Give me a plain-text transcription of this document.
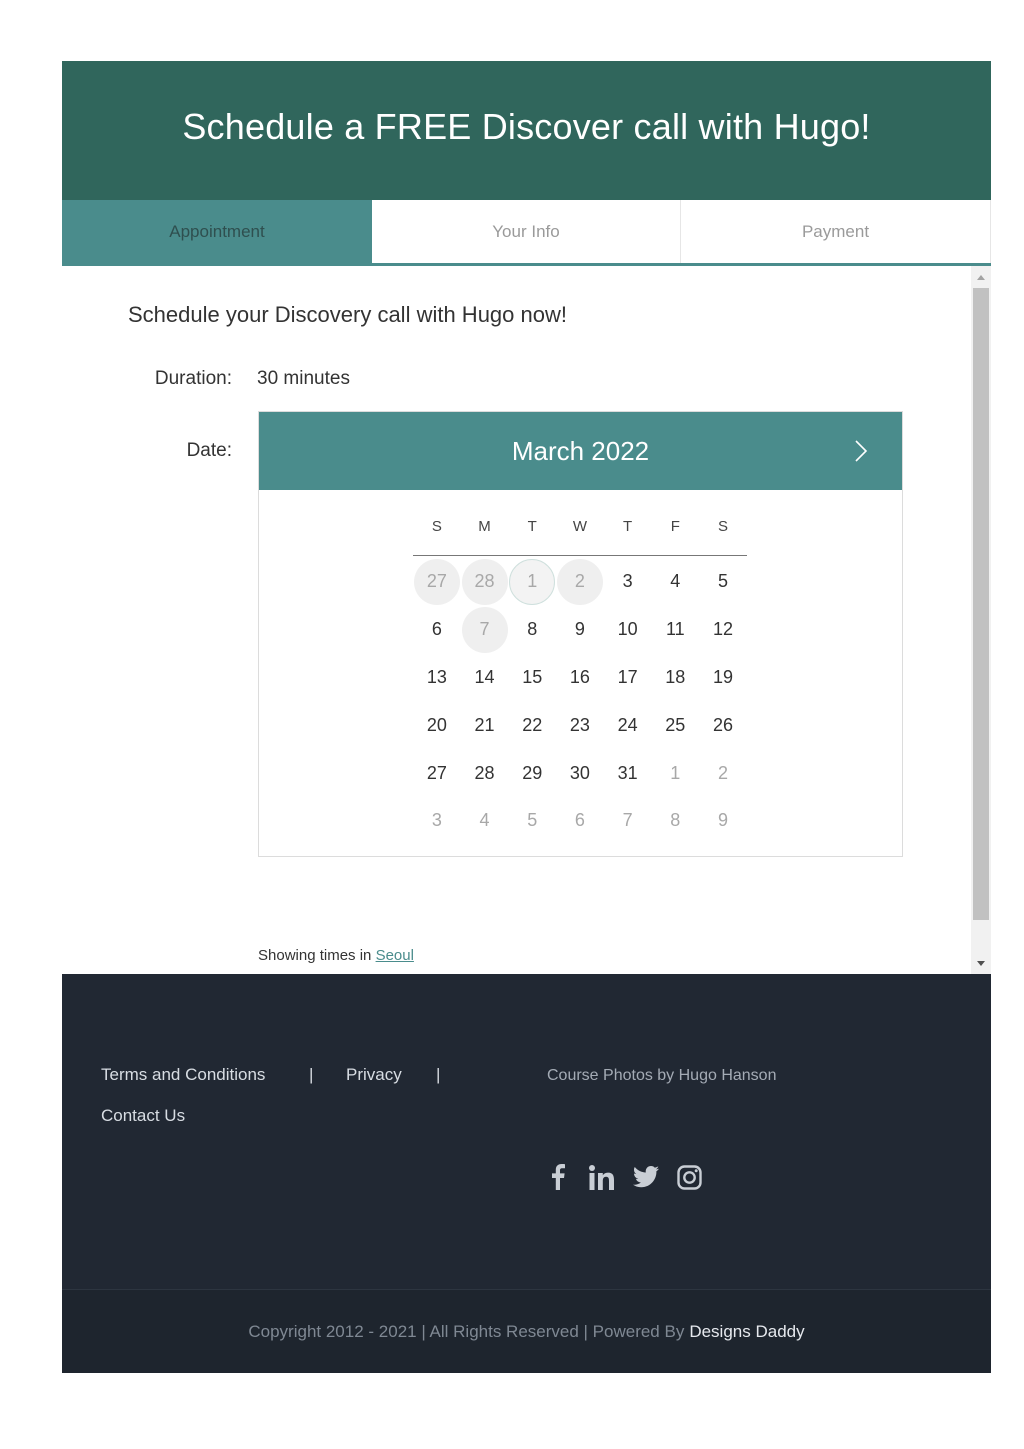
Schedule a FREE Discover call with Hugo!
Appointment	Your Info	Payment
Schedule your Discovery call with Hugo now!
Duration: 30 minutes
Date:	March 2022
S	M	T	W	T	F	S
27 28 1 2 3 4 5
6 7 8 9 10 11 12
13 14 15 16 17 18 19
20 21 22 23 24 25 26
27 28 29 30 31 1 2
3 4 5 6 7 8 9
Showing times in Seoul
Terms and Conditions	| Privacy |
Contact Us
Course Photos by Hugo Hanson
Copyright 2012 - 2021 | All Rights Reserved | Powered By Designs Daddy
